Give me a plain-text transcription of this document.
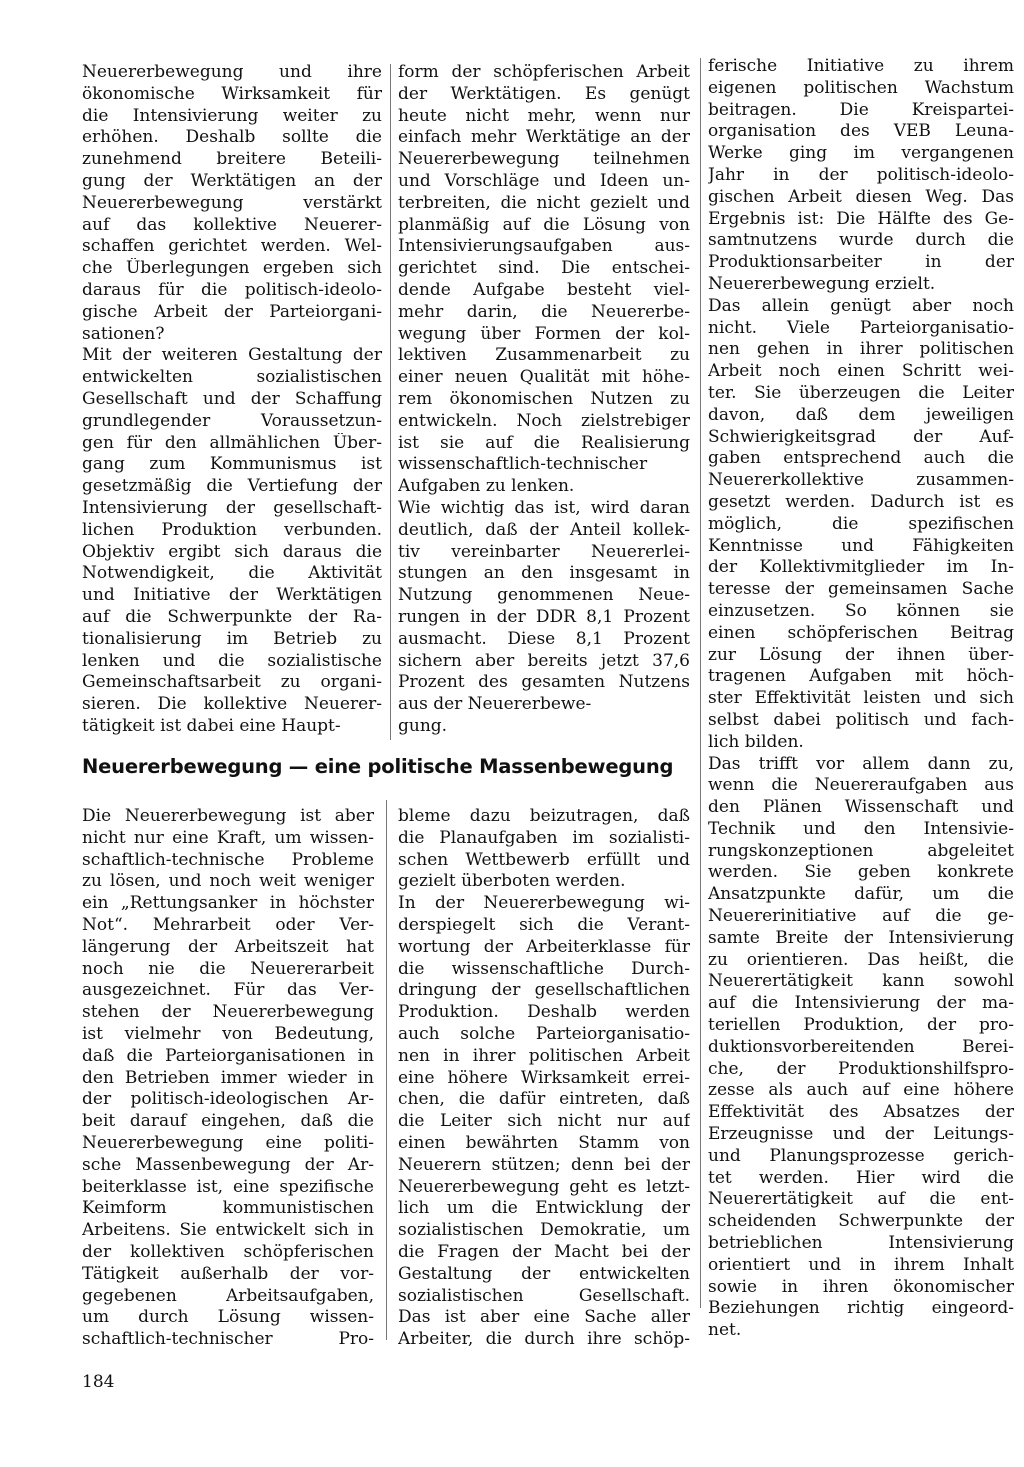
Neuererbewegung und ihre
ökonomische Wirksamkeit für
die Intensivierung weiter zu
erhöhen. Deshalb sollte die
zunehmend breitere Beteili-
gung der Werktätigen an der
Neuererbewegung verstärkt
auf das kollektive Neuerer-
schaffen gerichtet werden. Wel-
che Überlegungen ergeben sich
daraus für die politisch-ideolo-
gische Arbeit der Parteiorgani-
sationen?
Mit der weiteren Gestaltung der
entwickelten sozialistischen
Gesellschaft und der Schaffung
grundlegender Voraussetzun-
gen für den allmählichen Über-
gang zum Kommunismus ist
gesetzmäßig die Vertiefung der
Intensivierung der gesellschaft-
lichen Produktion verbunden.
Objektiv ergibt sich daraus die
Notwendigkeit, die Aktivität
und Initiative der Werktätigen
auf die Schwerpunkte der Ra-
tionalisierung im Betrieb zu
lenken und die sozialistische
Gemeinschaftsarbeit zu organi-
sieren. Die kollektive Neuerer-
tätigkeit ist dabei eine Haupt-
form der schöpferischen Arbeit
der Werktätigen. Es genügt
heute nicht mehr, wenn nur
einfach mehr Werktätige an der
Neuererbewegung teilnehmen
und Vorschläge und Ideen un-
terbreiten, die nicht gezielt und
planmäßig auf die Lösung von
Intensivierungsaufgaben aus-
gerichtet sind. Die entschei-
dende Aufgabe besteht viel-
mehr darin, die Neuererbe-
wegung über Formen der kol-
lektiven Zusammenarbeit zu
einer neuen Qualität mit höhe-
rem ökonomischen Nutzen zu
entwickeln. Noch zielstrebiger
ist sie auf die Realisierung
wissenschaftlich-technischer
Aufgaben zu lenken.
Wie wichtig das ist, wird daran
deutlich, daß der Anteil kollek-
tiv vereinbarter Neuererlei-
stungen an den insgesamt in
Nutzung genommenen Neue-
rungen in der DDR 8,1 Prozent
ausmacht. Diese 8,1 Prozent
sichern aber bereits jetzt 37,6
Prozent des gesamten Nutzens
aus der Neuererbewe-
gung.
ferische Initiative zu ihrem
eigenen politischen Wachstum
beitragen. Die Kreispartei-
organisation des VEB Leuna-
Werke ging im vergangenen
Jahr in der politisch-ideolo-
gischen Arbeit diesen Weg. Das
Ergebnis ist: Die Hälfte des Ge-
samtnutzens wurde durch die
Produktionsarbeiter in der
Neuererbewegung erzielt.
Das allein genügt aber noch
nicht. Viele Parteiorganisatio-
nen gehen in ihrer politischen
Arbeit noch einen Schritt wei-
ter. Sie überzeugen die Leiter
davon, daß dem jeweiligen
Schwierigkeitsgrad der Auf-
gaben entsprechend auch die
Neuererkollektive zusammen-
gesetzt werden. Dadurch ist es
möglich, die spezifischen
Kenntnisse und Fähigkeiten
der Kollektivmitglieder im In-
teresse der gemeinsamen Sache
einzusetzen. So können sie
einen schöpferischen Beitrag
zur Lösung der ihnen über-
tragenen Aufgaben mit höch-
ster Effektivität leisten und sich
selbst dabei politisch und fach-
lich bilden.
Das trifft vor allem dann zu,
wenn die Neuereraufgaben aus
den Plänen Wissenschaft und
Technik und den Intensivie-
rungskonzeptionen abgeleitet
werden. Sie geben konkrete
Ansatzpunkte dafür, um die
Neuererinitiative auf die ge-
samte Breite der Intensivierung
zu orientieren. Das heißt, die
Neuerertätigkeit kann sowohl
auf die Intensivierung der ma-
teriellen Produktion, der pro-
duktionsvorbereitenden Berei-
che, der Produktionshilfspro-
zesse als auch auf eine höhere
Effektivität des Absatzes der
Erzeugnisse und der Leitungs-
und Planungsprozesse gerich-
tet werden. Hier wird die
Neuerertätigkeit auf die ent-
scheidenden Schwerpunkte der
betrieblichen Intensivierung
orientiert und in ihrem Inhalt
sowie in ihren ökonomischer
Beziehungen richtig eingeord-
net.
Neuererbewegung — eine politische Massenbewegung
Die Neuererbewegung ist aber
nicht nur eine Kraft, um wissen-
schaftlich-technische Probleme
zu lösen, und noch weit weniger
ein „Rettungsanker in höchster
Not“. Mehrarbeit oder Ver-
längerung der Arbeitszeit hat
noch nie die Neuererarbeit
ausgezeichnet. Für das Ver-
stehen der Neuererbewegung
ist vielmehr von Bedeutung,
daß die Parteiorganisationen in
den Betrieben immer wieder in
der politisch-ideologischen Ar-
beit darauf eingehen, daß die
Neuererbewegung eine politi-
sche Massenbewegung der Ar-
beiterklasse ist, eine spezifische
Keimform kommunistischen
Arbeitens. Sie entwickelt sich in
der kollektiven schöpferischen
Tätigkeit außerhalb der vor-
gegebenen Arbeitsaufgaben,
um durch Lösung wissen-
schaftlich-technischer Pro-
bleme dazu beizutragen, daß
die Planaufgaben im sozialisti-
schen Wettbewerb erfüllt und
gezielt überboten werden.
In der Neuererbewegung wi-
derspiegelt sich die Verant-
wortung der Arbeiterklasse für
die wissenschaftliche Durch-
dringung der gesellschaftlichen
Produktion. Deshalb werden
auch solche Parteiorganisatio-
nen in ihrer politischen Arbeit
eine höhere Wirksamkeit errei-
chen, die dafür eintreten, daß
die Leiter sich nicht nur auf
einen bewährten Stamm von
Neuerern stützen; denn bei der
Neuererbewegung geht es letzt-
lich um die Entwicklung der
sozialistischen Demokratie, um
die Fragen der Macht bei der
Gestaltung der entwickelten
sozialistischen Gesellschaft.
Das ist aber eine Sache aller
Arbeiter, die durch ihre schöp-
184
